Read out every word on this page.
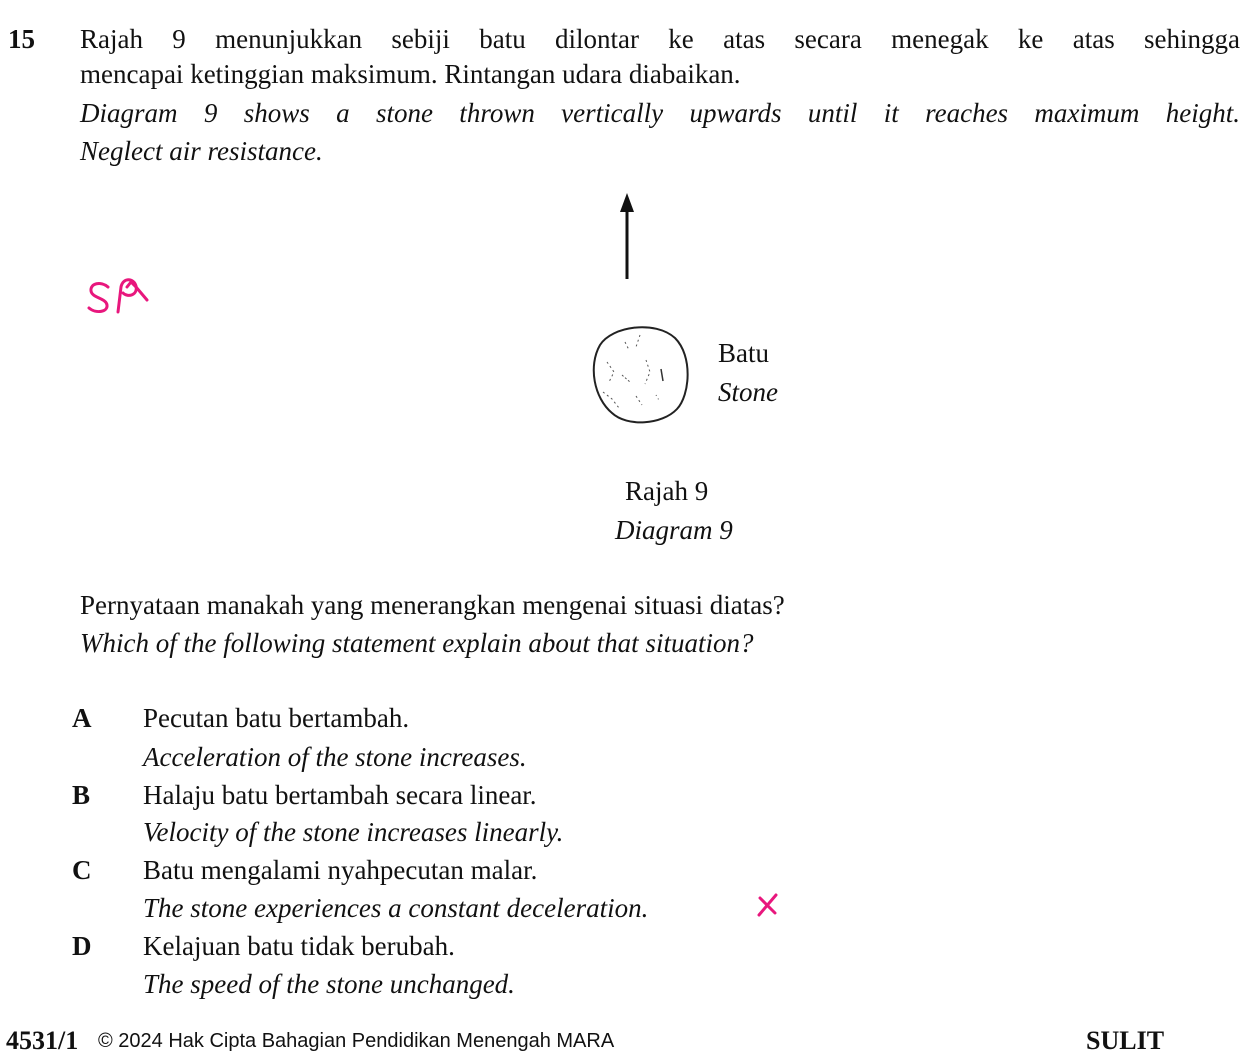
15 Rajah 9 menunjukkan sebiji batu dilontar ke atas secara menegak ke atas sehingga
mencapai ketinggian maksimum. Rintangan udara diabaikan.
Diagram 9 shows a stone thrown vertically upwards until it reaches maximum height.
Neglect air resistance.
Batu
Stone
Rajah 9
Diagram 9
Pernyataan manakah yang menerangkan mengenai situasi diatas?
Which of the following statement explain about that situation?
A Pecutan batu bertambah.
Acceleration of the stone increases.
B Halaju batu bertambah secara linear.
Velocity of the stone increases linearly.
C Batu mengalami nyahpecutan malar.
The stone experiences a constant deceleration.
D Kelajuan batu tidak berubah.
The speed of the stone unchanged.
4531/1 © 2024 Hak Cipta Bahagian Pendidikan Menengah MARA	SULIT
